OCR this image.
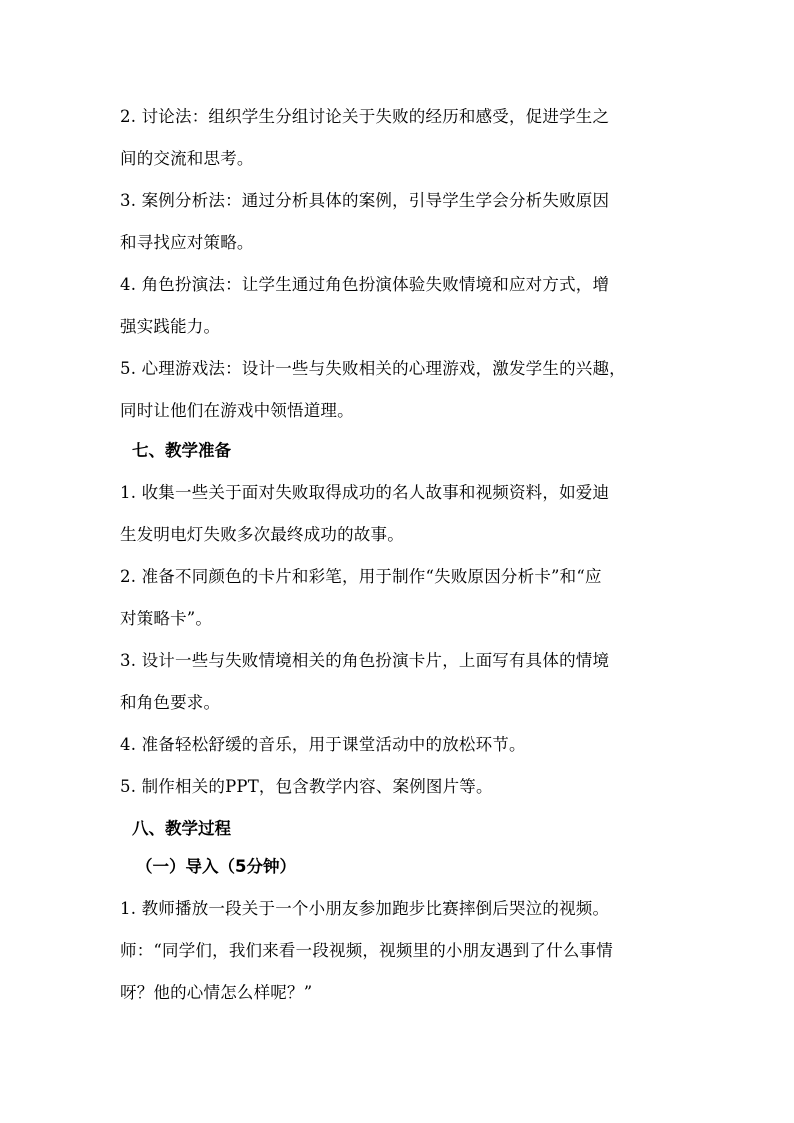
2. 讨论法：组织学生分组讨论关于失败的经历和感受，促进学生之
间的交流和思考。
3. 案例分析法：通过分析具体的案例，引导学生学会分析失败原因
和寻找应对策略。
4. 角色扮演法：让学生通过角色扮演体验失败情境和应对方式，增
强实践能力。
5. 心理游戏法：设计一些与失败相关的心理游戏，激发学生的兴趣，
同时让他们在游戏中领悟道理。
七、教学准备
1. 收集一些关于面对失败取得成功的名人故事和视频资料，如爱迪
生发明电灯失败多次最终成功的故事。
2. 准备不同颜色的卡片和彩笔，用于制作“失败原因分析卡”和“应
对策略卡”。
3. 设计一些与失败情境相关的角色扮演卡片，上面写有具体的情境
和角色要求。
4. 准备轻松舒缓的音乐，用于课堂活动中的放松环节。
5. 制作相关的PPT，包含教学内容、案例图片等。
八、教学过程
（一）导入（5分钟）
1. 教师播放一段关于一个小朋友参加跑步比赛摔倒后哭泣的视频。
师：“同学们，我们来看一段视频，视频里的小朋友遇到了什么事情
呀？他的心情怎么样呢？”
